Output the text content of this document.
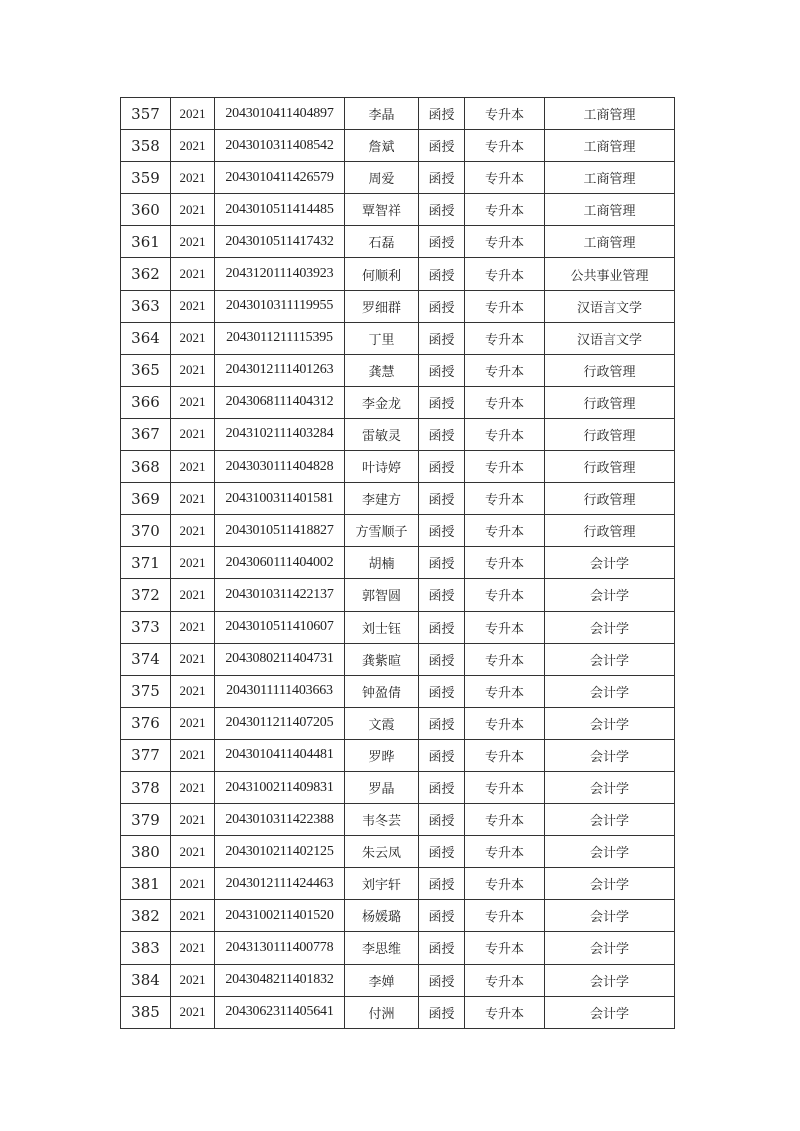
357	2021	2043010411404897	李晶	函授	专升本	工商管理
358	2021	2043010311408542	詹斌	函授	专升本	工商管理
359	2021	2043010411426579	周爱	函授	专升本	工商管理
360	2021	2043010511414485	覃智祥	函授	专升本	工商管理
361	2021	2043010511417432	石磊	函授	专升本	工商管理
362	2021	2043120111403923	何顺利	函授	专升本	公共事业管理
363	2021	2043010311119955	罗细群	函授	专升本	汉语言文学
364	2021	2043011211115395	丁里	函授	专升本	汉语言文学
365	2021	2043012111401263	龚慧	函授	专升本	行政管理
366	2021	2043068111404312	李金龙	函授	专升本	行政管理
367	2021	2043102111403284	雷敏灵	函授	专升本	行政管理
368	2021	2043030111404828	叶诗婷	函授	专升本	行政管理
369	2021	2043100311401581	李建方	函授	专升本	行政管理
370	2021	2043010511418827	方雪顺子	函授	专升本	行政管理
371	2021	2043060111404002	胡楠	函授	专升本	会计学
372	2021	2043010311422137	郭智圆	函授	专升本	会计学
373	2021	2043010511410607	刘士钰	函授	专升本	会计学
374	2021	2043080211404731	龚紫暄	函授	专升本	会计学
375	2021	2043011111403663	钟盈倩	函授	专升本	会计学
376	2021	2043011211407205	文霞	函授	专升本	会计学
377	2021	2043010411404481	罗晔	函授	专升本	会计学
378	2021	2043100211409831	罗晶	函授	专升本	会计学
379	2021	2043010311422388	韦冬芸	函授	专升本	会计学
380	2021	2043010211402125	朱云凤	函授	专升本	会计学
381	2021	2043012111424463	刘宇轩	函授	专升本	会计学
382	2021	2043100211401520	杨媛璐	函授	专升本	会计学
383	2021	2043130111400778	李思维	函授	专升本	会计学
384	2021	2043048211401832	李婵	函授	专升本	会计学
385	2021	2043062311405641	付洲	函授	专升本	会计学
